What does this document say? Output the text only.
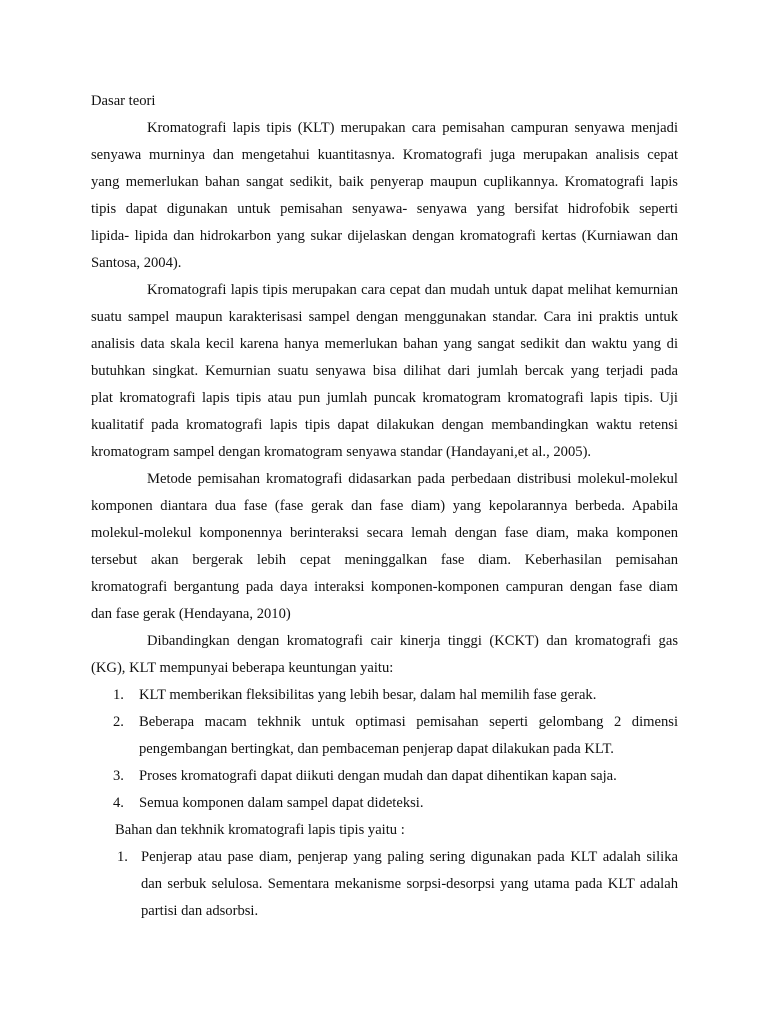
Dasar teori
Kromatografi lapis tipis (KLT) merupakan cara pemisahan campuran senyawa menjadi
senyawa murninya dan mengetahui kuantitasnya. Kromatografi juga merupakan analisis cepat
yang memerlukan bahan sangat sedikit, baik penyerap maupun cuplikannya. Kromatografi lapis
tipis dapat digunakan untuk pemisahan senyawa- senyawa yang bersifat hidrofobik seperti
lipida- lipida dan hidrokarbon yang sukar dijelaskan dengan kromatografi kertas (Kurniawan dan
Santosa, 2004).
Kromatografi lapis tipis merupakan cara cepat dan mudah untuk dapat melihat kemurnian
suatu sampel maupun karakterisasi sampel dengan menggunakan standar. Cara ini praktis untuk
analisis data skala kecil karena hanya memerlukan bahan yang sangat sedikit dan waktu yang di
butuhkan singkat. Kemurnian suatu senyawa bisa dilihat dari jumlah bercak yang terjadi pada
plat kromatografi lapis tipis atau pun jumlah puncak kromatogram kromatografi lapis tipis. Uji
kualitatif pada kromatografi lapis tipis dapat dilakukan dengan membandingkan waktu retensi
kromatogram sampel dengan kromatogram senyawa standar (Handayani,et al., 2005).
Metode pemisahan kromatografi didasarkan pada perbedaan distribusi molekul-molekul
komponen diantara dua fase (fase gerak dan fase diam) yang kepolarannya berbeda. Apabila
molekul-molekul komponennya berinteraksi secara lemah dengan fase diam, maka komponen
tersebut akan bergerak lebih cepat meninggalkan fase diam. Keberhasilan pemisahan
kromatografi bergantung pada daya interaksi komponen-komponen campuran dengan fase diam
dan fase gerak (Hendayana, 2010)
Dibandingkan dengan kromatografi cair kinerja tinggi (KCKT) dan kromatografi gas
(KG), KLT mempunyai beberapa keuntungan yaitu:
1. KLT memberikan fleksibilitas yang lebih besar, dalam hal memilih fase gerak.
2. Beberapa macam tekhnik untuk optimasi pemisahan seperti gelombang 2 dimensi
pengembangan bertingkat, dan pembaceman penjerap dapat dilakukan pada KLT.
3. Proses kromatografi dapat diikuti dengan mudah dan dapat dihentikan kapan saja.
4. Semua komponen dalam sampel dapat dideteksi.
Bahan dan tekhnik kromatografi lapis tipis yaitu :
1. Penjerap atau pase diam, penjerap yang paling sering digunakan pada KLT adalah silika
dan serbuk selulosa. Sementara mekanisme sorpsi-desorpsi yang utama pada KLT adalah
partisi dan adsorbsi.
